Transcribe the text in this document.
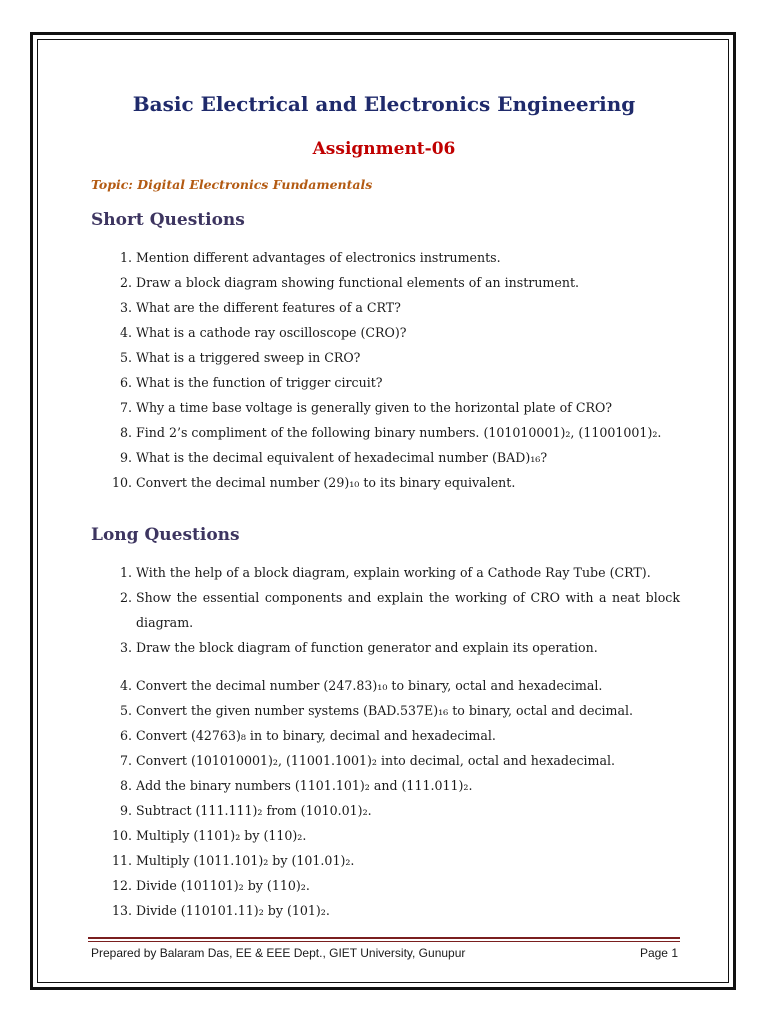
Basic Electrical and Electronics Engineering
Assignment-06
Topic: Digital Electronics Fundamentals
Short Questions
1. Mention different advantages of electronics instruments.
2. Draw a block diagram showing functional elements of an instrument.
3. What are the different features of a CRT?
4. What is a cathode ray oscilloscope (CRO)?
5. What is a triggered sweep in CRO?
6. What is the function of trigger circuit?
7. Why a time base voltage is generally given to the horizontal plate of CRO?
8. Find 2’s compliment of the following binary numbers. (101010001)₂, (11001001)₂.
9. What is the decimal equivalent of hexadecimal number (BAD)₁₆?
10. Convert the decimal number (29)₁₀ to its binary equivalent.
Long Questions
1. With the help of a block diagram, explain working of a Cathode Ray Tube (CRT).
2. Show the essential components and explain the working of CRO with a neat block diagram.
3. Draw the block diagram of function generator and explain its operation.
4. Convert the decimal number (247.83)₁₀ to binary, octal and hexadecimal.
5. Convert the given number systems (BAD.537E)₁₆ to binary, octal and decimal.
6. Convert (42763)₈ in to binary, decimal and hexadecimal.
7. Convert (101010001)₂, (11001.1001)₂ into decimal, octal and hexadecimal.
8. Add the binary numbers (1101.101)₂ and (111.011)₂.
9. Subtract (111.111)₂ from (1010.01)₂.
10. Multiply (1101)₂ by (110)₂.
11. Multiply (1011.101)₂ by (101.01)₂.
12. Divide (101101)₂ by (110)₂.
13. Divide (110101.11)₂ by (101)₂.
Prepared by Balaram Das, EE & EEE Dept., GIET University, Gunupur	Page 1
